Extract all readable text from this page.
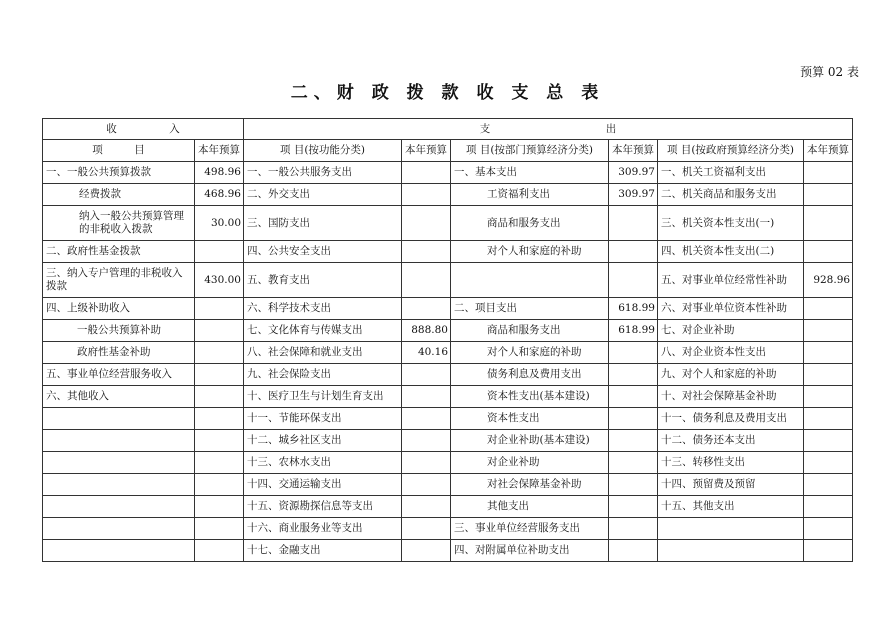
预算 02 表
二、财 政 拨 款 收 支 总 表
收　　　　　入		支　　　　　　　　　　　出					
项　　　目	本年预算	项 目(按功能分类)	本年预算	项 目(按部门预算经济分类)	本年预算	项 目(按政府预算经济分类)	本年预算
一、一般公共预算拨款	498.96	一、一般公共服务支出		一、基本支出	309.97	一、机关工资福利支出	
经费拨款	468.96	二、外交支出		工资福利支出	309.97	二、机关商品和服务支出	
纳入一般公共预算管理的非税收入拨款	30.00	三、国防支出		商品和服务支出		三、机关资本性支出(一)	
二、政府性基金拨款		四、公共安全支出		对个人和家庭的补助		四、机关资本性支出(二)	
三、纳入专户管理的非税收入拨款	430.00	五、教育支出				五、对事业单位经常性补助	928.96
四、上级补助收入		六、科学技术支出		二、项目支出	618.99	六、对事业单位资本性补助	
一般公共预算补助		七、文化体育与传媒支出	888.80	商品和服务支出	618.99	七、对企业补助	
政府性基金补助		八、社会保障和就业支出	40.16	对个人和家庭的补助		八、对企业资本性支出	
五、事业单位经营服务收入		九、社会保险支出		债务利息及费用支出		九、对个人和家庭的补助	
六、其他收入		十、医疗卫生与计划生育支出		资本性支出(基本建设)		十、对社会保障基金补助	
		十一、节能环保支出		资本性支出		十一、债务利息及费用支出	
		十二、城乡社区支出		对企业补助(基本建设)		十二、债务还本支出	
		十三、农林水支出		对企业补助		十三、转移性支出	
		十四、交通运输支出		对社会保障基金补助		十四、预留费及预留	
		十五、资源勘探信息等支出		其他支出		十五、其他支出	
		十六、商业服务业等支出		三、事业单位经营服务支出			
		十七、金融支出		四、对附属单位补助支出			
